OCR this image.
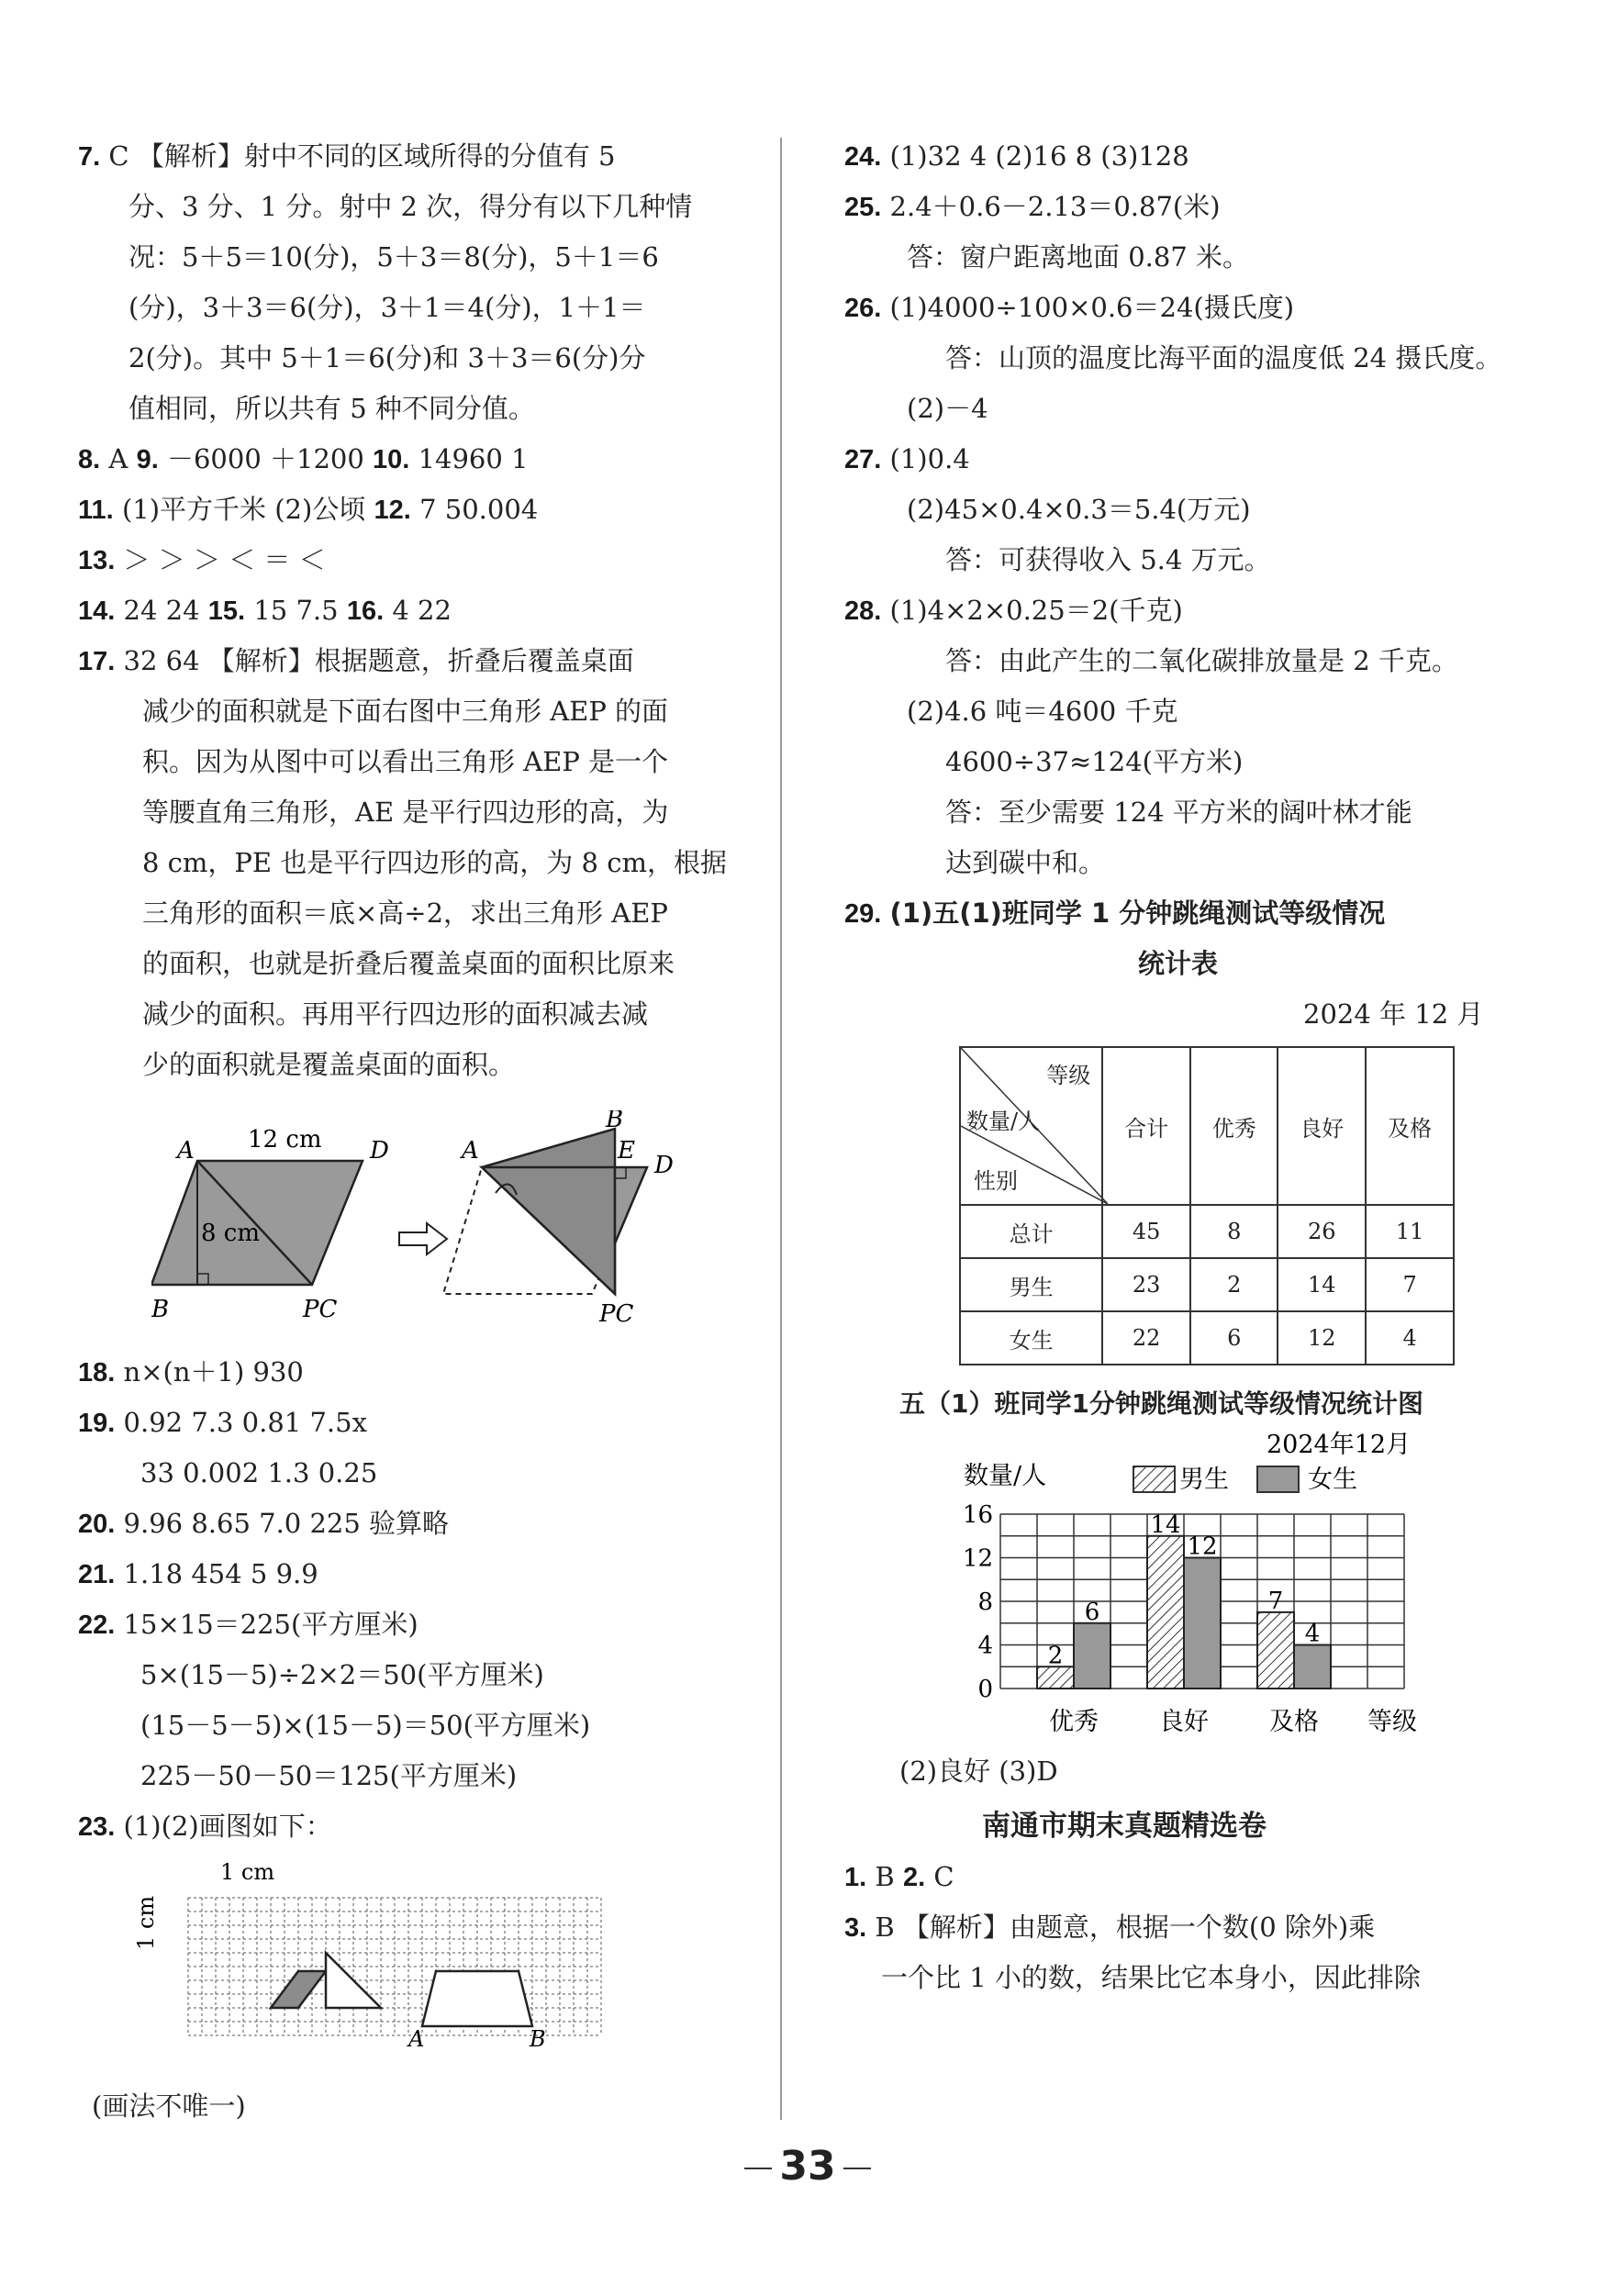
7. C 【解析】射中不同的区域所得的分值有 5
分、3 分、1 分。射中 2 次，得分有以下几种情
况：5＋5＝10(分)，5＋3＝8(分)，5＋1＝6
(分)，3＋3＝6(分)，3＋1＝4(分)，1＋1＝
2(分)。其中 5＋1＝6(分)和 3＋3＝6(分)分
值相同，所以共有 5 种不同分值。
8. A 9. －6000 ＋1200 10. 14960 1
11. (1)平方千米 (2)公顷 12. 7 50.004
13. ＞ ＞ ＞ ＜ ＝ ＜
14. 24 24 15. 15 7.5 16. 4 22
17. 32 64 【解析】根据题意，折叠后覆盖桌面
减少的面积就是下面右图中三角形 AEP 的面
积。因为从图中可以看出三角形 AEP 是一个
等腰直角三角形，AE 是平行四边形的高，为
8 cm，PE 也是平行四边形的高，为 8 cm，根据
三角形的面积＝底×高÷2，求出三角形 AEP
的面积，也就是折叠后覆盖桌面的面积比原来
减少的面积。再用平行四边形的面积减去减
少的面积就是覆盖桌面的面积。
A	D
B	PC
12 cm
8 cm
A
B
E
D
PC
18. n×(n＋1) 930
19. 0.92 7.3 0.81 7.5x
33 0.002 1.3 0.25
20. 9.96 8.65 7.0 225 验算略
21. 1.18 454 5 9.9
22. 15×15＝225(平方厘米)
5×(15－5)÷2×2＝50(平方厘米)
(15－5－5)×(15－5)＝50(平方厘米)
225－50－50＝125(平方厘米)
23. (1)(2)画图如下：
1 cm
1 cm
A	B
(画法不唯一)
24. (1)32 4 (2)16 8 (3)128
25. 2.4＋0.6－2.13＝0.87(米)
答：窗户距离地面 0.87 米。
26. (1)4000÷100×0.6＝24(摄氏度)
答：山顶的温度比海平面的温度低 24 摄氏度。
(2)－4
27. (1)0.4
(2)45×0.4×0.3＝5.4(万元)
答：可获得收入 5.4 万元。
28. (1)4×2×0.25＝2(千克)
答：由此产生的二氧化碳排放量是 2 千克。
(2)4.6 吨＝4600 千克
4600÷37≈124(平方米)
答：至少需要 124 平方米的阔叶林才能
达到碳中和。
29. (1)五(1)班同学 1 分钟跳绳测试等级情况
统计表
2024 年 12 月
等级
数量/人
性别	合计	优秀	良好	及格
总计	45	8	26	11
男生	23	2	14	7
女生	22	6	12	4
五（1）班同学1分钟跳绳测试等级情况统计图
2024年12月
数量/人	男生	女生
2
6
14
12
7
4
0
4
8
12
16
优秀 良好 及格 等级
(2)良好 (3)D
南通市期末真题精选卷
1. B 2. C
3. B 【解析】由题意，根据一个数(0 除外)乘
一个比 1 小的数，结果比它本身小，因此排除
33
